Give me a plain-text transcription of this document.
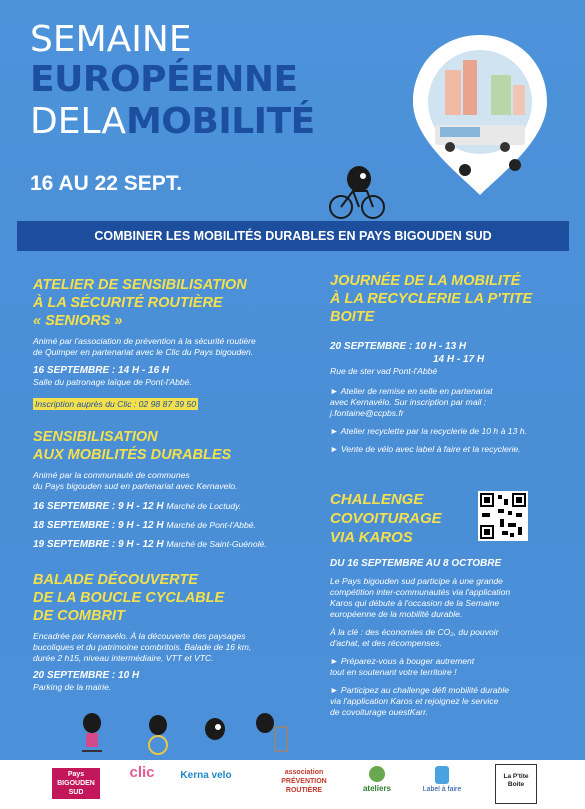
SEMAINE
EUROPÉENNE
DELAMOBILITÉ
16 AU 22 SEPT.
COMBINER LES MOBILITÉS DURABLES EN PAYS BIGOUDEN SUD
ATELIER DE SENSIBILISATION
À LA SÉCURITÉ ROUTIÈRE
« SENIORS »
Animé par l'association de prévention à la sécurité routière
de Quimper en partenariat avec le Clic du Pays bigouden.
16 SEPTEMBRE : 14 H - 16 H
Salle du patronage laïque de Pont-l'Abbé.
Inscription auprès du Clic : 02 98 87 39 50
SENSIBILISATION
AUX MOBILITÉS DURABLES
Animé par la communauté de communes
du Pays bigouden sud en partenariat avec Kernavelo.
16 SEPTEMBRE : 9 H - 12 H Marché de Loctudy.
18 SEPTEMBRE : 9 H - 12 H Marché de Pont-l'Abbé.
19 SEPTEMBRE : 9 H - 12 H Marché de Saint-Guénolé.
BALADE DÉCOUVERTE
DE LA BOUCLE CYCLABLE
DE COMBRIT
Encadrée par Kernavélo. À la découverte des paysages
bucoliques et du patrimoine combritois. Balade de 16 km,
durée 2 h15, niveau intermédiaire, VTT et VTC.
20 SEPTEMBRE : 10 H
Parking de la mairie.
JOURNÉE DE LA MOBILITÉ
À LA RECYCLERIE LA P'TITE
BOITE
20 SEPTEMBRE : 10 H - 13 H
14 H - 17 H
Rue de ster vad Pont-l'Abbé
► Atelier de remise en selle en partenariat
avec Kernavélo. Sur inscription par mail :
j.fontaine@ccpbs.fr
► Atelier recyclette par la recyclerie de 10 h à 13 h.
► Vente de vélo avec label à faire et la recyclerie.
CHALLENGE
COVOITURAGE
VIA KAROS
DU 16 SEPTEMBRE AU 8 OCTOBRE
Le Pays bigouden sud participe à une grande
compétition inter-communautés via l'application
Karos qui débute à l'occasion de la Semaine
européenne de la mobilité durable.
À la clé : des économies de CO₂, du pouvoir
d'achat, et des récompenses.
► Préparez-vous à bouger autrement
tout en soutenant votre territoire !
► Participez au challenge défi mobilité durable
via l'application Karos et rejoignez le service
de covoiturage ouestKarr.
Pays BIGOUDEN SUD
clic	Kerna velo	association PRÉVENTION ROUTIÈRE	ateliers	Label à faire
La P'tite Boite
